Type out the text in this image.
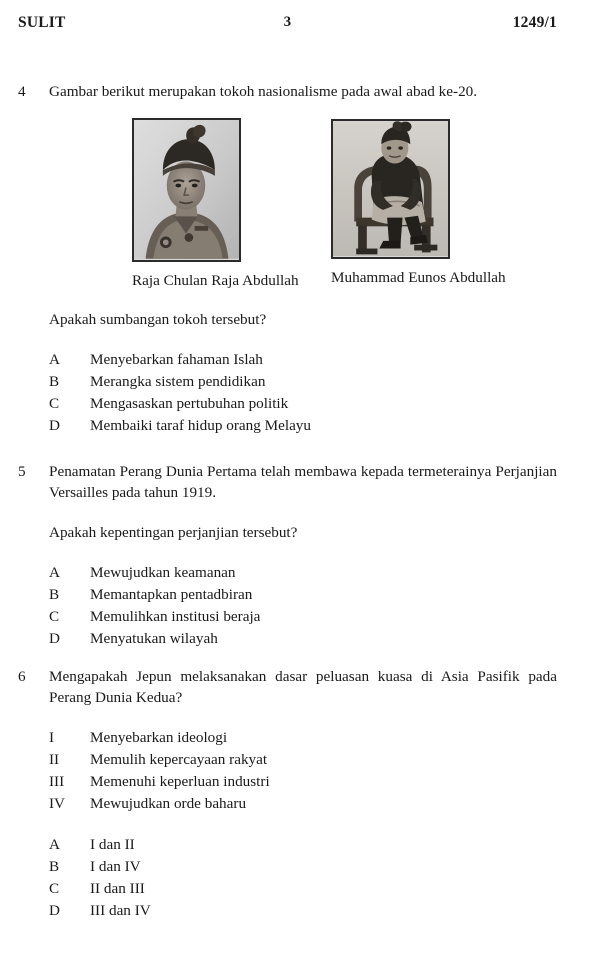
SULIT	3	1249/1
4	Gambar berikut merupakan tokoh nasionalisme pada awal abad ke-20.
Raja Chulan Raja Abdullah Muhammad Eunos Abdullah
Apakah sumbangan tokoh tersebut?
A	Menyebarkan fahaman Islah
B	Merangka sistem pendidikan
C	Mengasaskan pertubuhan politik
D	Membaiki taraf hidup orang Melayu
5	Penamatan Perang Dunia Pertama telah membawa kepada termeterainya Perjanjian Versailles pada tahun 1919.
Apakah kepentingan perjanjian tersebut?
A	Mewujudkan keamanan
B	Memantapkan pentadbiran
C	Memulihkan institusi beraja
D	Menyatukan wilayah
6	Mengapakah Jepun melaksanakan dasar peluasan kuasa di Asia Pasifik pada Perang Dunia Kedua?
I	Menyebarkan ideologi
II	Memulih kepercayaan rakyat
III	Memenuhi keperluan industri
IV	Mewujudkan orde baharu
A	I dan II
B	I dan IV
C	II dan III
D	III dan IV
